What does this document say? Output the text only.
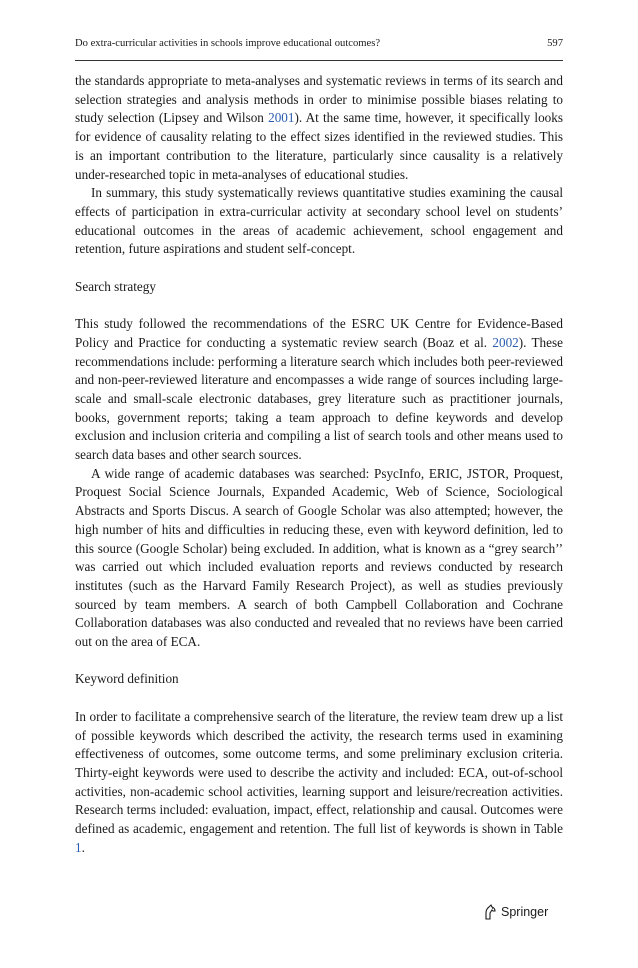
Do extra-curricular activities in schools improve educational outcomes?	597

the standards appropriate to meta-analyses and systematic reviews in terms of its search and selection strategies and analysis methods in order to minimise possible biases relating to study selection (Lipsey and Wilson 2001). At the same time, however, it specifically looks for evidence of causality relating to the effect sizes identified in the reviewed studies. This is an important contribution to the literature, particularly since causality is a relatively under-researched topic in meta-analyses of educational studies.

In summary, this study systematically reviews quantitative studies examining the causal effects of participation in extra-curricular activity at secondary school level on students’ educational outcomes in the areas of academic achievement, school engagement and retention, future aspirations and student self-concept.

Search strategy

This study followed the recommendations of the ESRC UK Centre for Evidence-Based Policy and Practice for conducting a systematic review search (Boaz et al. 2002). These recommendations include: performing a literature search which includes both peer-reviewed and non-peer-reviewed literature and encompasses a wide range of sources including large-scale and small-scale electronic databases, grey literature such as practitioner journals, books, government reports; taking a team approach to define keywords and develop exclusion and inclusion criteria and compiling a list of search tools and other means used to search data bases and other search sources.

A wide range of academic databases was searched: PsycInfo, ERIC, JSTOR, Proquest, Proquest Social Science Journals, Expanded Academic, Web of Science, Sociological Abstracts and Sports Discus. A search of Google Scholar was also attempted; however, the high number of hits and difficulties in reducing these, even with keyword definition, led to this source (Google Scholar) being excluded. In addition, what is known as a “grey search’’ was carried out which included evaluation reports and reviews conducted by research institutes (such as the Harvard Family Research Project), as well as studies previously sourced by team members. A search of both Campbell Collaboration and Cochrane Collaboration databases was also conducted and revealed that no reviews have been carried out on the area of ECA.

Keyword definition

In order to facilitate a comprehensive search of the literature, the review team drew up a list of possible keywords which described the activity, the research terms used in examining effectiveness of outcomes, some outcome terms, and some preliminary exclusion criteria. Thirty-eight keywords were used to describe the activity and included: ECA, out-of-school activities, non-academic school activities, learning support and leisure/recreation activities. Research terms included: evaluation, impact, effect, relationship and causal. Outcomes were defined as academic, engagement and retention. The full list of keywords is shown in Table 1.

Springer
